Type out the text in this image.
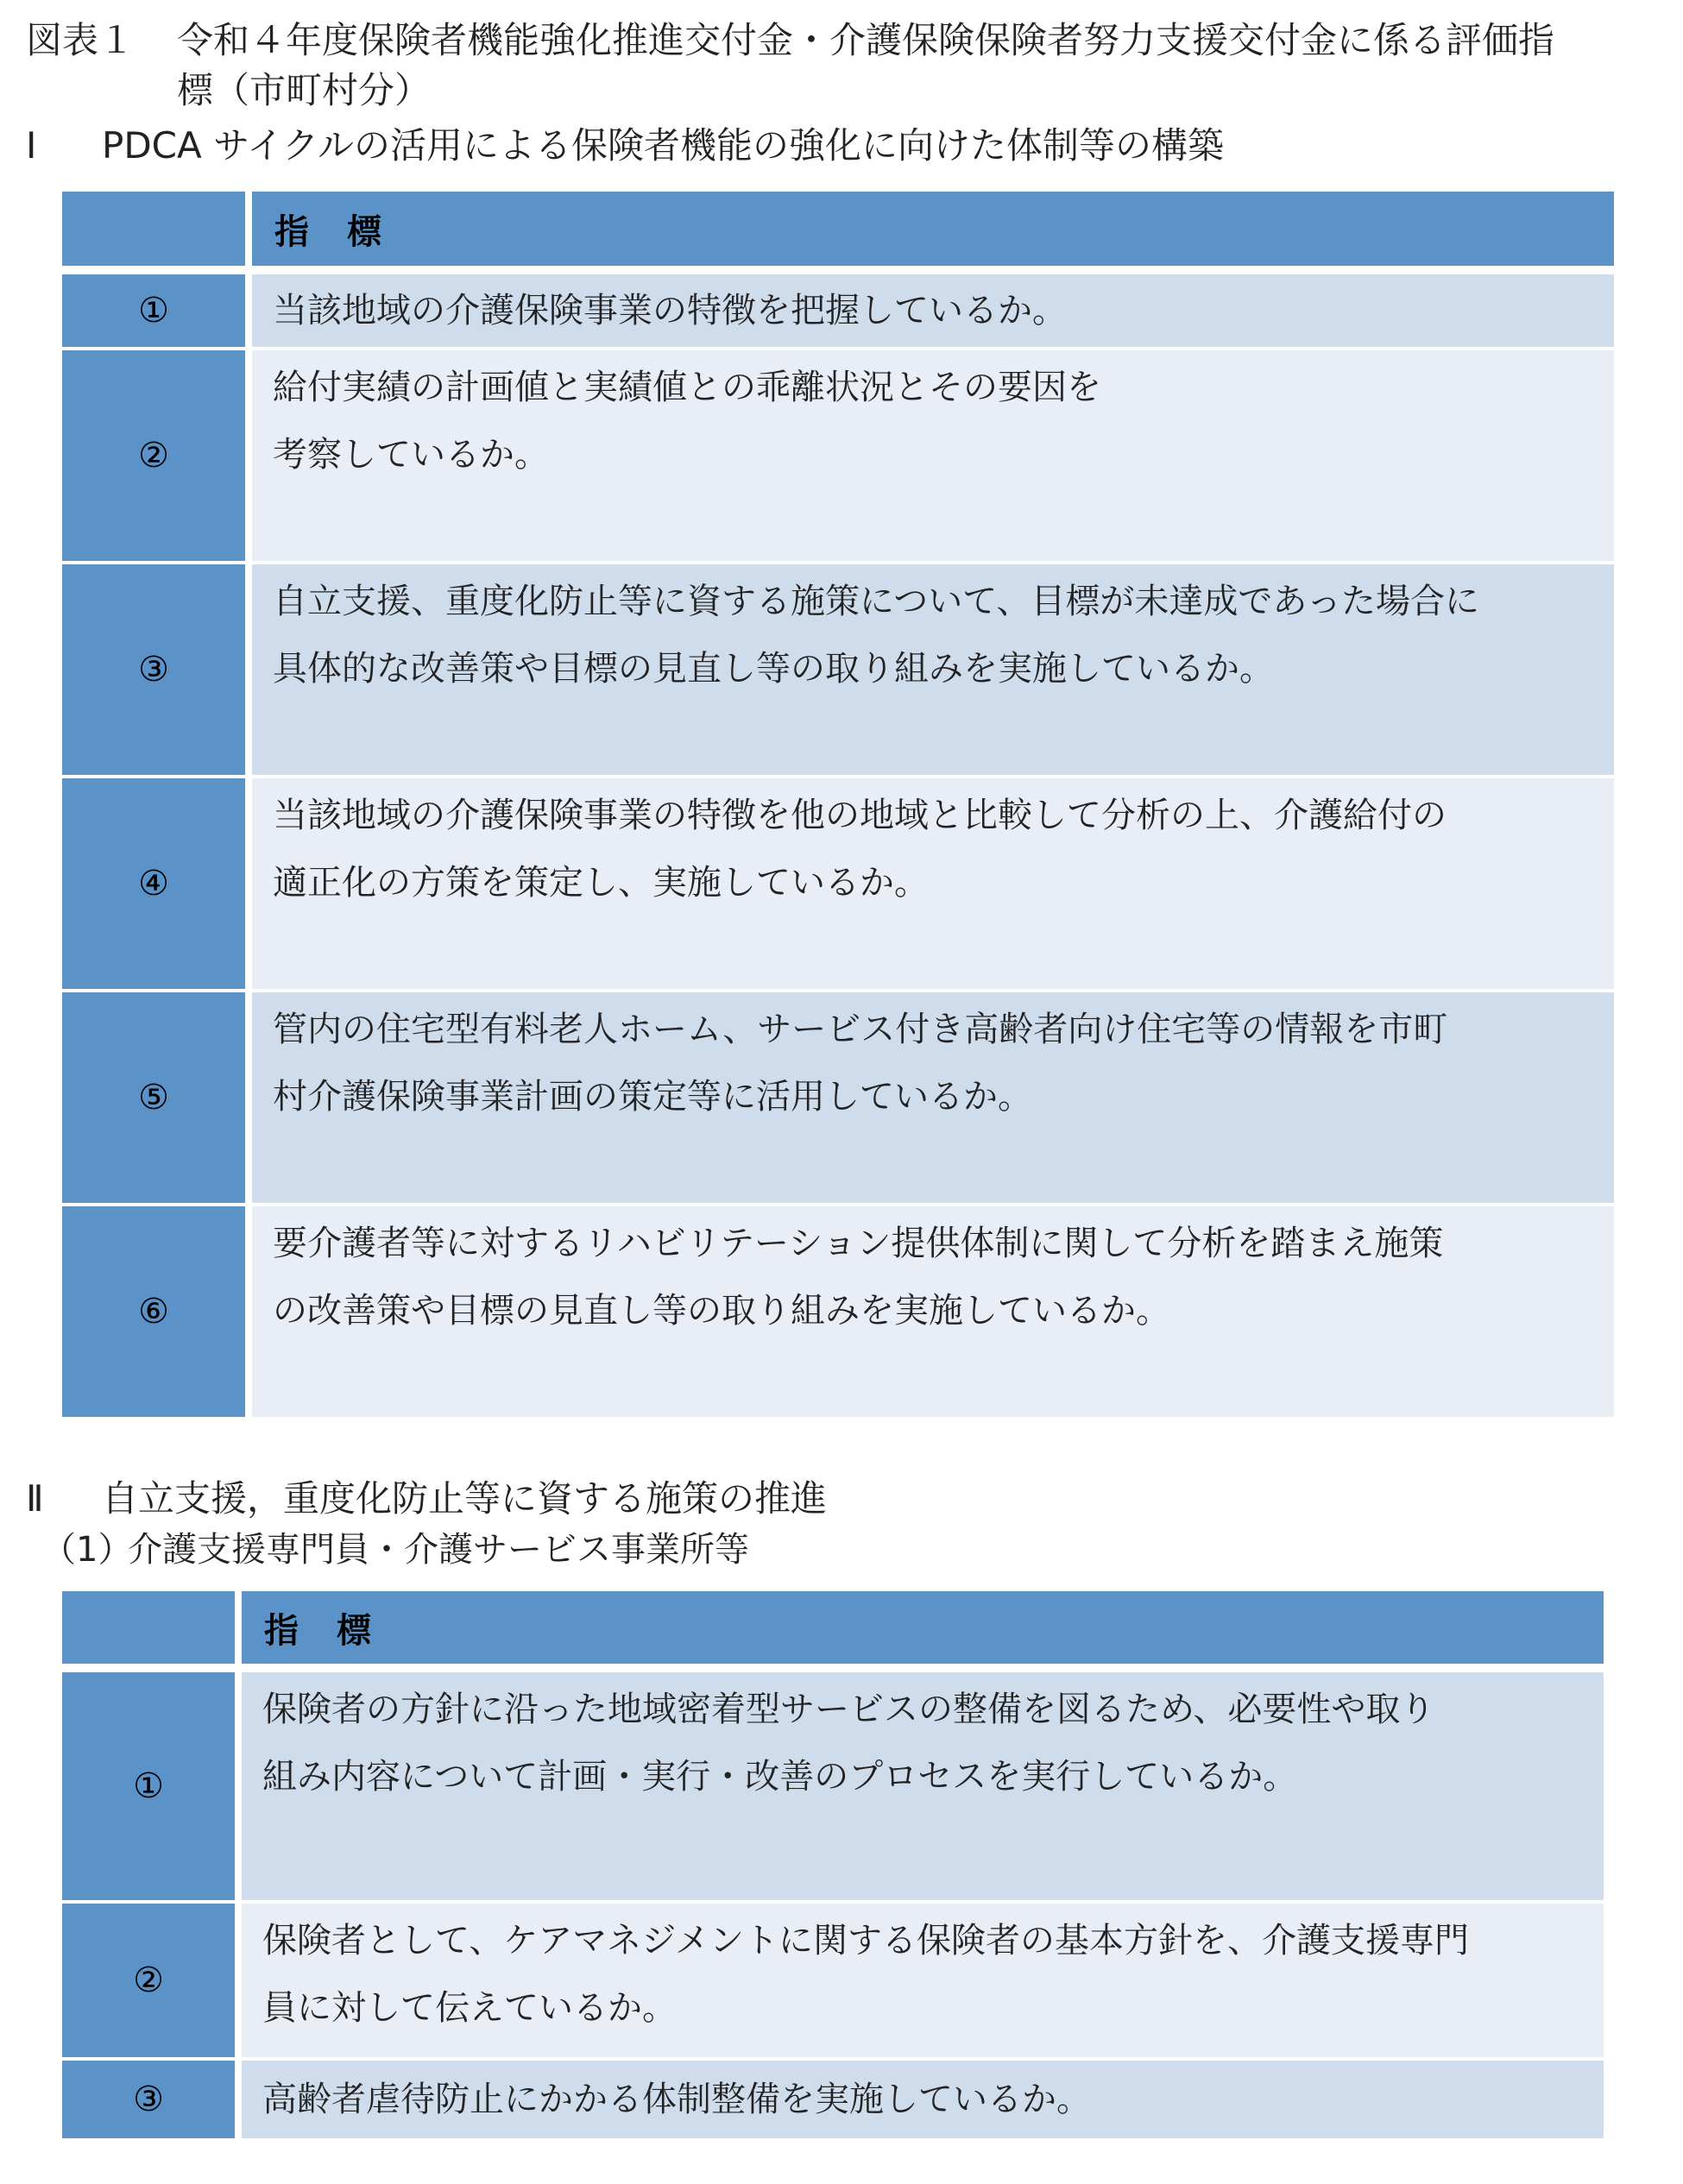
図表１ 令和４年度保険者機能強化推進交付金・介護保険保険者努力支援交付金に係る評価指
標（市町村分）
Ⅰ PDCA サイクルの活用による保険者機能の強化に向けた体制等の構築
指　標
①	当該地域の介護保険事業の特徴を把握しているか。
②
給付実績の計画値と実績値との乖離状況とその要因を
考察しているか。
③
自立支援、重度化防止等に資する施策について、目標が未達成であった場合に
具体的な改善策や目標の見直し等の取り組みを実施しているか。
④
当該地域の介護保険事業の特徴を他の地域と比較して分析の上、介護給付の
適正化の方策を策定し、実施しているか。
⑤
管内の住宅型有料老人ホーム、サービス付き高齢者向け住宅等の情報を市町
村介護保険事業計画の策定等に活用しているか。
⑥
要介護者等に対するリハビリテーション提供体制に関して分析を踏まえ施策
の改善策や目標の見直し等の取り組みを実施しているか。
Ⅱ 自立支援，重度化防止等に資する施策の推進
（1）介護支援専門員・介護サービス事業所等
指　標
①
保険者の方針に沿った地域密着型サービスの整備を図るため、必要性や取り
組み内容について計画・実行・改善のプロセスを実行しているか。
②
保険者として、ケアマネジメントに関する保険者の基本方針を、介護支援専門
員に対して伝えているか。
③	高齢者虐待防止にかかる体制整備を実施しているか。
